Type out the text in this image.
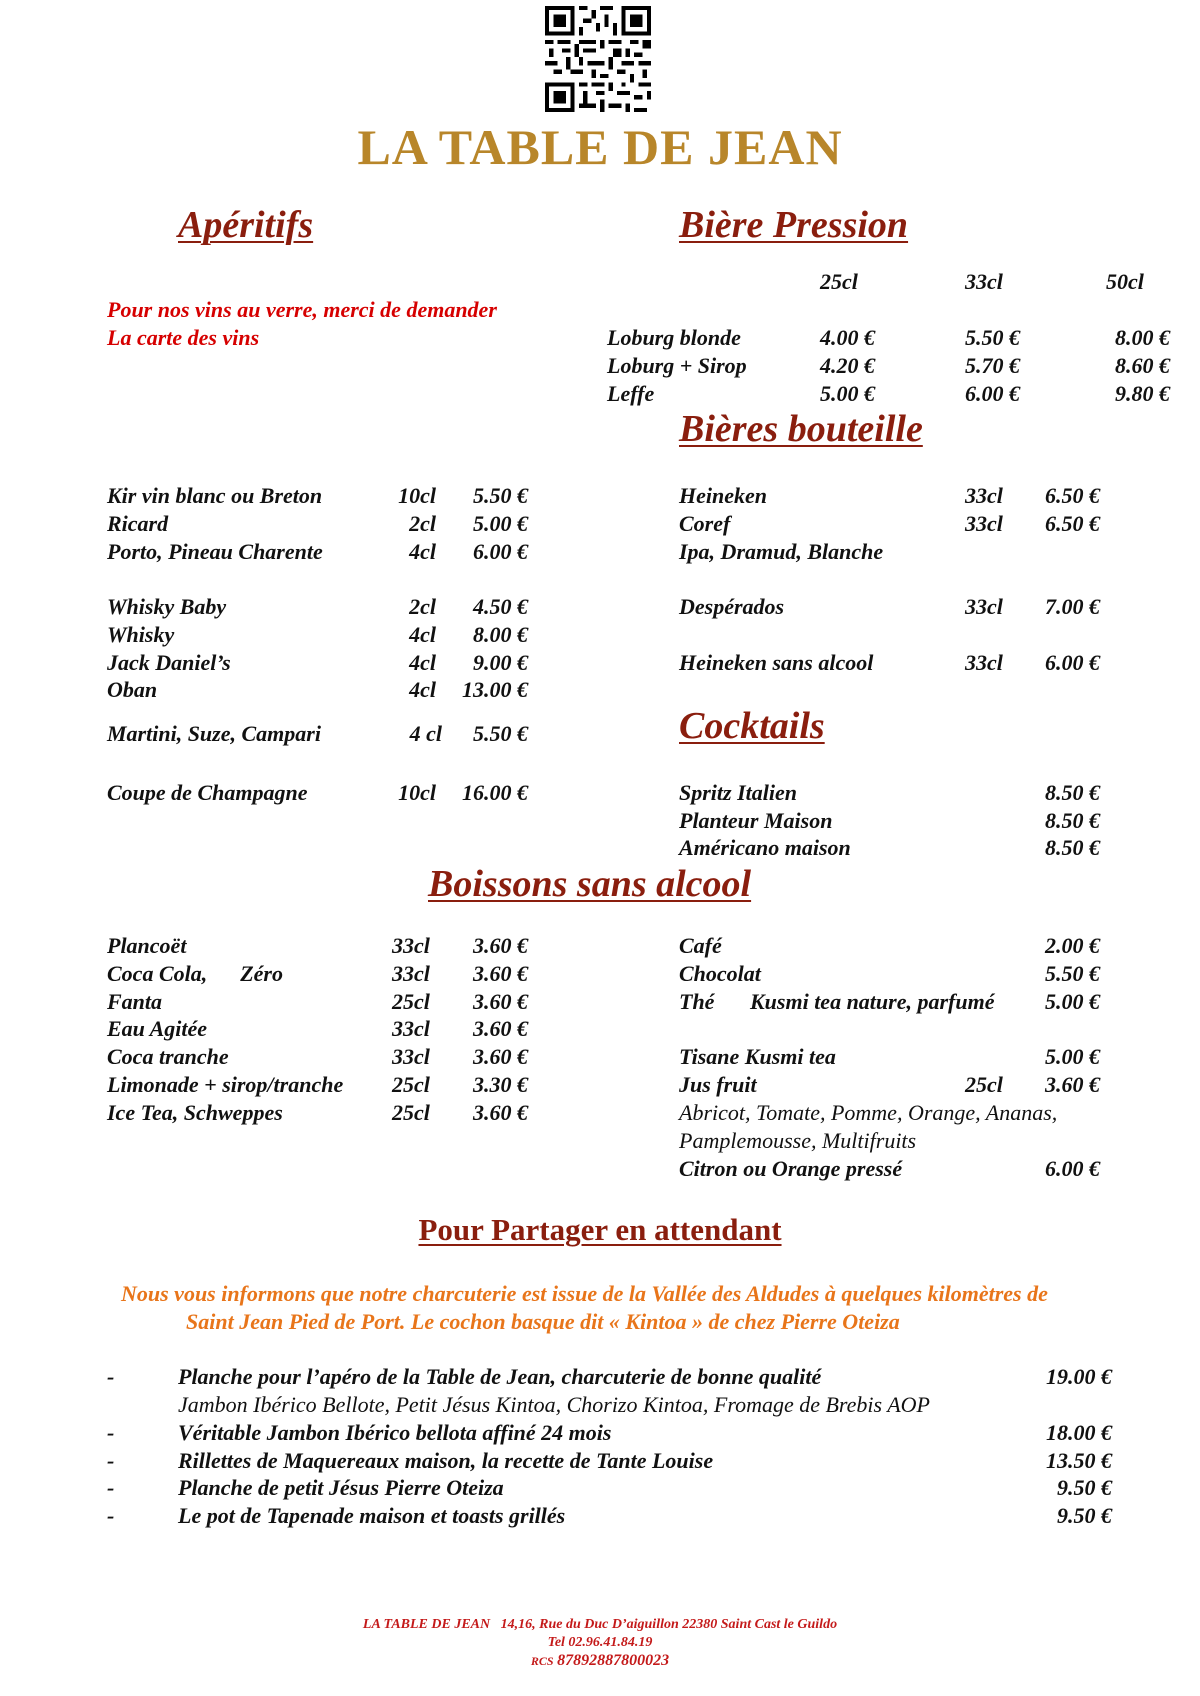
LA TABLE DE JEAN
Apéritifs
Pour nos vins au verre, merci de demander
La carte des vins
Kir vin blanc ou Breton	10cl	5.50 €
Ricard	2cl	5.00 €
Porto, Pineau Charente	4cl	6.00 €
Whisky Baby	2cl	4.50 €
Whisky	4cl	8.00 €
Jack Daniel’s	4cl	9.00 €
Oban	4cl	13.00 €
Martini, Suze, Campari	4 cl	5.50 €
Coupe de Champagne	10cl	16.00 €
Bière Pression
25cl	33cl	50cl
Loburg blonde	4.00 €	5.50 €	8.00 €
Loburg + Sirop	4.20 €	5.70 €	8.60 €
Leffe	5.00 €	6.00 €	9.80 €
Bières bouteille
Heineken	33cl	6.50 €
Coref	33cl	6.50 €
Ipa, Dramud, Blanche
Despérados	33cl	7.00 €
Heineken sans alcool	33cl	6.00 €
Cocktails
Spritz Italien	8.50 €
Planteur Maison	8.50 €
Américano maison	8.50 €
Boissons sans alcool
Plancoët	33cl	3.60 €
Coca Cola,      Zéro	33cl	3.60 €
Fanta	25cl	3.60 €
Eau Agitée	33cl	3.60 €
Coca tranche	33cl	3.60 €
Limonade + sirop/tranche 25cl	3.30 €
Ice Tea, Schweppes	25cl	3.60 €
Café	2.00 €
Chocolat	5.50 €
Thé Kusmi tea nature, parfumé	5.00 €
Tisane Kusmi tea	5.00 €
Jus fruit	25cl	3.60 €
Abricot, Tomate, Pomme, Orange, Ananas,
Pamplemousse, Multifruits
Citron ou Orange pressé	6.00 €
Pour Partager en attendant
Nous vous informons que notre charcuterie est issue de la Vallée des Aldudes à quelques kilomètres de
Saint Jean Pied de Port. Le cochon basque dit « Kintoa » de chez Pierre Oteiza
-	Planche pour l’apéro de la Table de Jean, charcuterie de bonne qualité	19.00 €
Jambon Ibérico Bellote, Petit Jésus Kintoa, Chorizo Kintoa, Fromage de Brebis AOP
-	Véritable Jambon Ibérico bellota affiné 24 mois	18.00 €
-	Rillettes de Maquereaux maison, la recette de Tante Louise	13.50 €
-	Planche de petit Jésus Pierre Oteiza	9.50 €
-	Le pot de Tapenade maison et toasts grillés	9.50 €
LA TABLE DE JEAN 14,16, Rue du Duc D’aiguillon 22380 Saint Cast le Guildo
Tel 02.96.41.84.19
RCS 87892887800023
